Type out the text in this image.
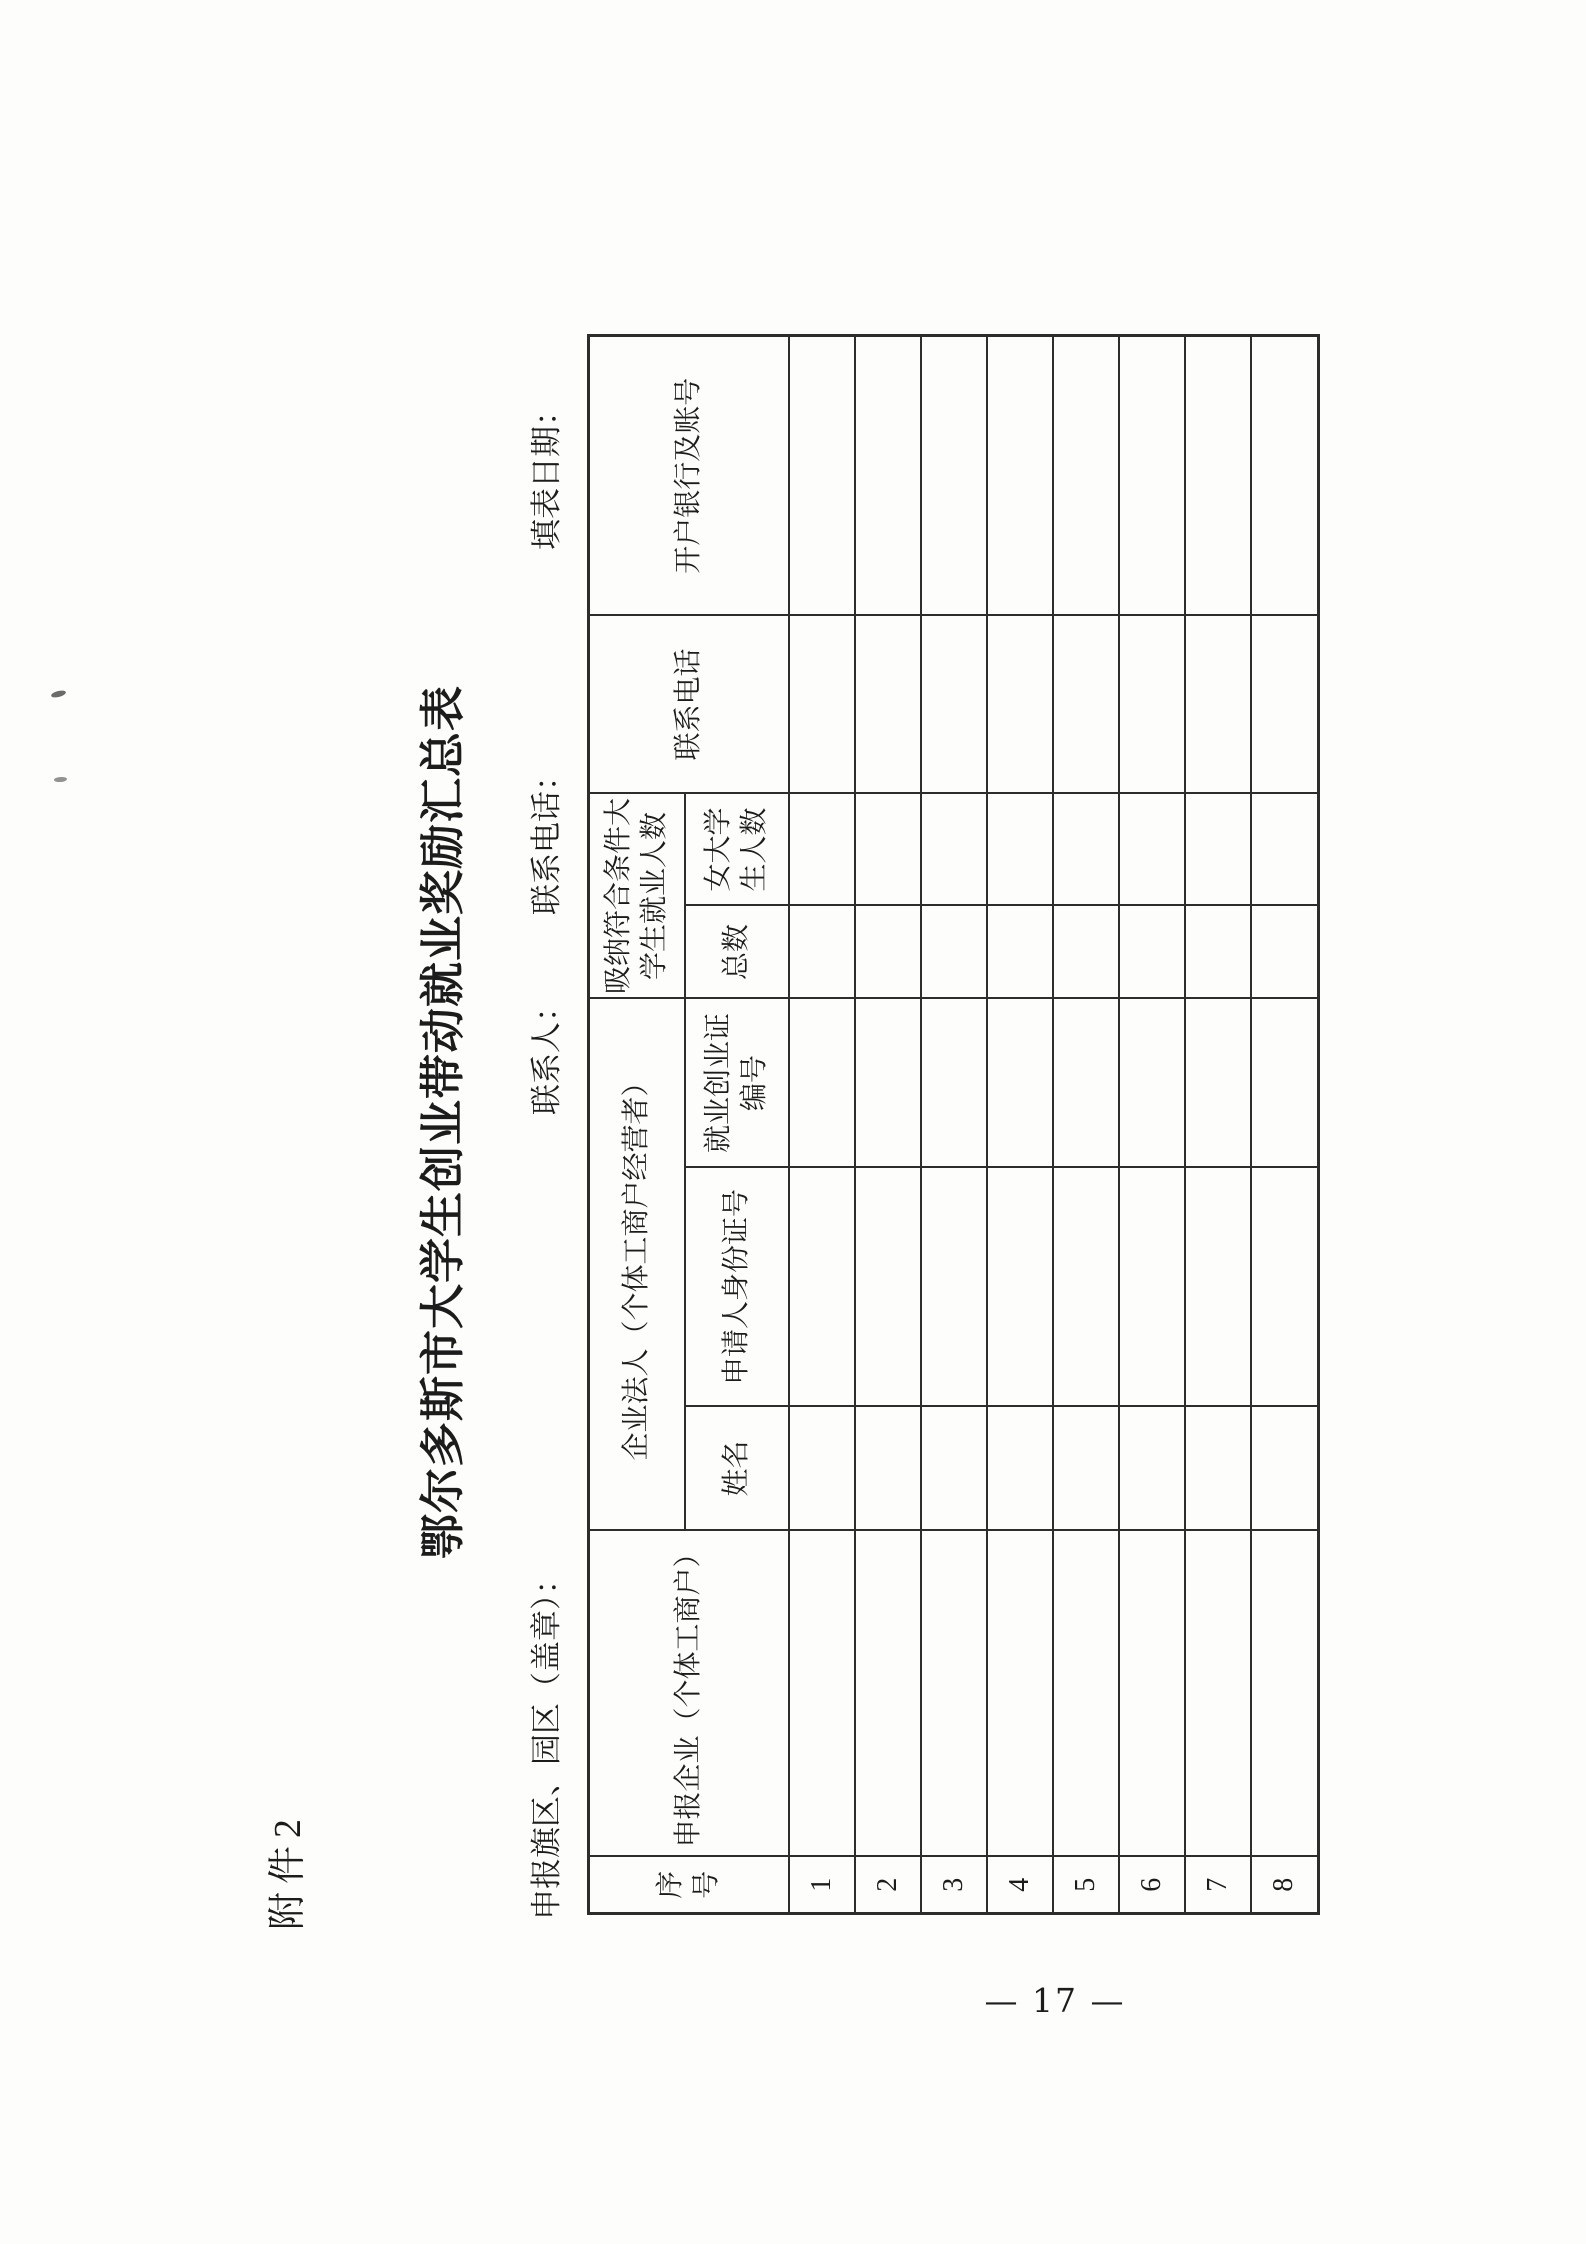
附件2
鄂尔多斯市大学生创业带动就业奖励汇总表
申报旗区、园区（盖章）：
联系人：
联系电话：
填表日期：
序号	申报企业（个体工商户）	企业法人（个体工商户经营者）			吸纳符合条件大学生就业人数		联系电话	开户银行及账号
		姓名	申请人身份证号	就业创业证编号	总数	女大学生人数		
1								
2								
3								
4								
5								
6								
7								
8								
— 17 —
